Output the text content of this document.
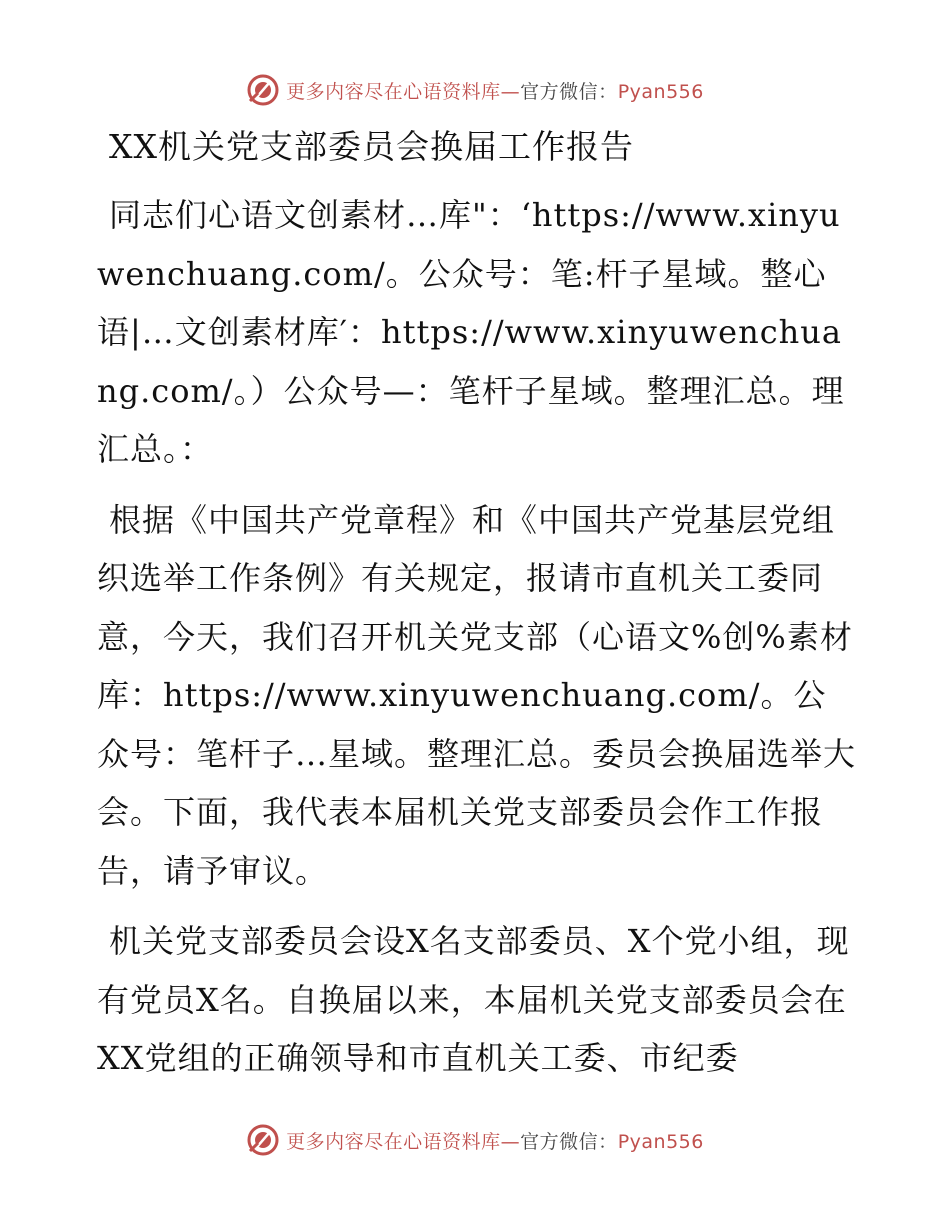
更多内容尽在心语资料库—官方微信：Pyan556
XX机关党支部委员会换届工作报告

同志们心语文创素材…库"：‘https://www.xinyuwenchuang.com/。公众号：笔:杆子星域。整心语|…文创素材库′：https://www.xinyuwenchuang.com/。）公众号—：笔杆子星域。整理汇总。理汇总。：

根据《中国共产党章程》和《中国共产党基层党组织选举工作条例》有关规定，报请市直机关工委同意，今天，我们召开机关党支部（心语文%创%素材库：https://www.xinyuwenchuang.com/。公众号：笔杆子…星域。整理汇总。委员会换届选举大会。下面，我代表本届机关党支部委员会作工作报告，请予审议。

机关党支部委员会设X名支部委员、X个党小组，现有党员X名。自换届以来，本届机关党支部委员会在XX党组的正确领导和市直机关工委、市纪委

更多内容尽在心语资料库—官方微信：Pyan556
